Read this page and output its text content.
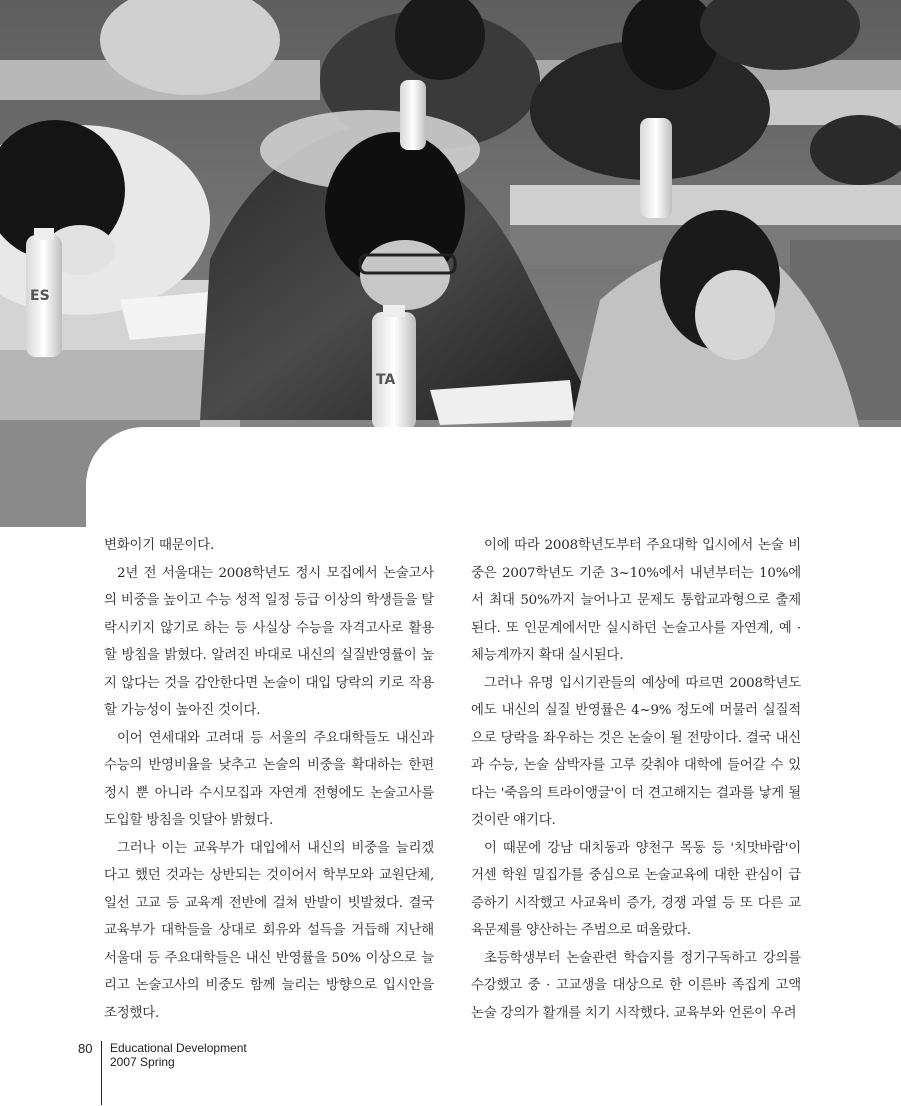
ES
TA

변화이기 때문이다.

2년 전 서울대는 2008학년도 정시 모집에서 논술고사의 비중을 높이고 수능 성적 일정 등급 이상의 학생들을 탈락시키지 않기로 하는 등 사실상 수능을 자격고사로 활용할 방침을 밝혔다. 알려진 바대로 내신의 실질반영률이 높지 않다는 것을 감안한다면 논술이 대입 당락의 키로 작용할 가능성이 높아진 것이다.

이어 연세대와 고려대 등 서울의 주요대학들도 내신과 수능의 반영비율을 낮추고 논술의 비중을 확대하는 한편 정시 뿐 아니라 수시모집과 자연계 전형에도 논술고사를 도입할 방침을 잇달아 밝혔다.

그러나 이는 교육부가 대입에서 내신의 비중을 늘리겠다고 했던 것과는 상반되는 것이어서 학부모와 교원단체, 일선 고교 등 교육계 전반에 걸쳐 반발이 빗발쳤다. 결국 교육부가 대학들을 상대로 회유와 설득을 거듭해 지난해 서울대 등 주요대학들은 내신 반영률을 50% 이상으로 늘리고 논술고사의 비중도 함께 늘리는 방향으로 입시안을 조정했다.

이에 따라 2008학년도부터 주요대학 입시에서 논술 비중은 2007학년도 기준 3~10%에서 내년부터는 10%에서 최대 50%까지 늘어나고 문제도 통합교과형으로 출제된다. 또 인문계에서만 실시하던 논술고사를 자연계, 예 · 체능계까지 확대 실시된다.

그러나 유명 입시기관들의 예상에 따르면 2008학년도에도 내신의 실질 반영률은 4~9% 정도에 머물러 실질적으로 당락을 좌우하는 것은 논술이 될 전망이다. 결국 내신과 수능, 논술 삼박자를 고루 갖춰야 대학에 들어갈 수 있다는 '죽음의 트라이앵글'이 더 견고해지는 결과를 낳게 될 것이란 얘기다.

이 때문에 강남 대치동과 양천구 목동 등 '치맛바람'이 거센 학원 밀집가를 중심으로 논술교육에 대한 관심이 급증하기 시작했고 사교육비 증가, 경쟁 과열 등 또 다른 교육문제를 양산하는 주범으로 떠올랐다.

초등학생부터 논술관련 학습지를 정기구독하고 강의를 수강했고 중 · 고교생을 대상으로 한 이른바 족집게 고액 논술 강의가 활개를 치기 시작했다. 교육부와 언론이 우려

80 Educational Development
2007 Spring
